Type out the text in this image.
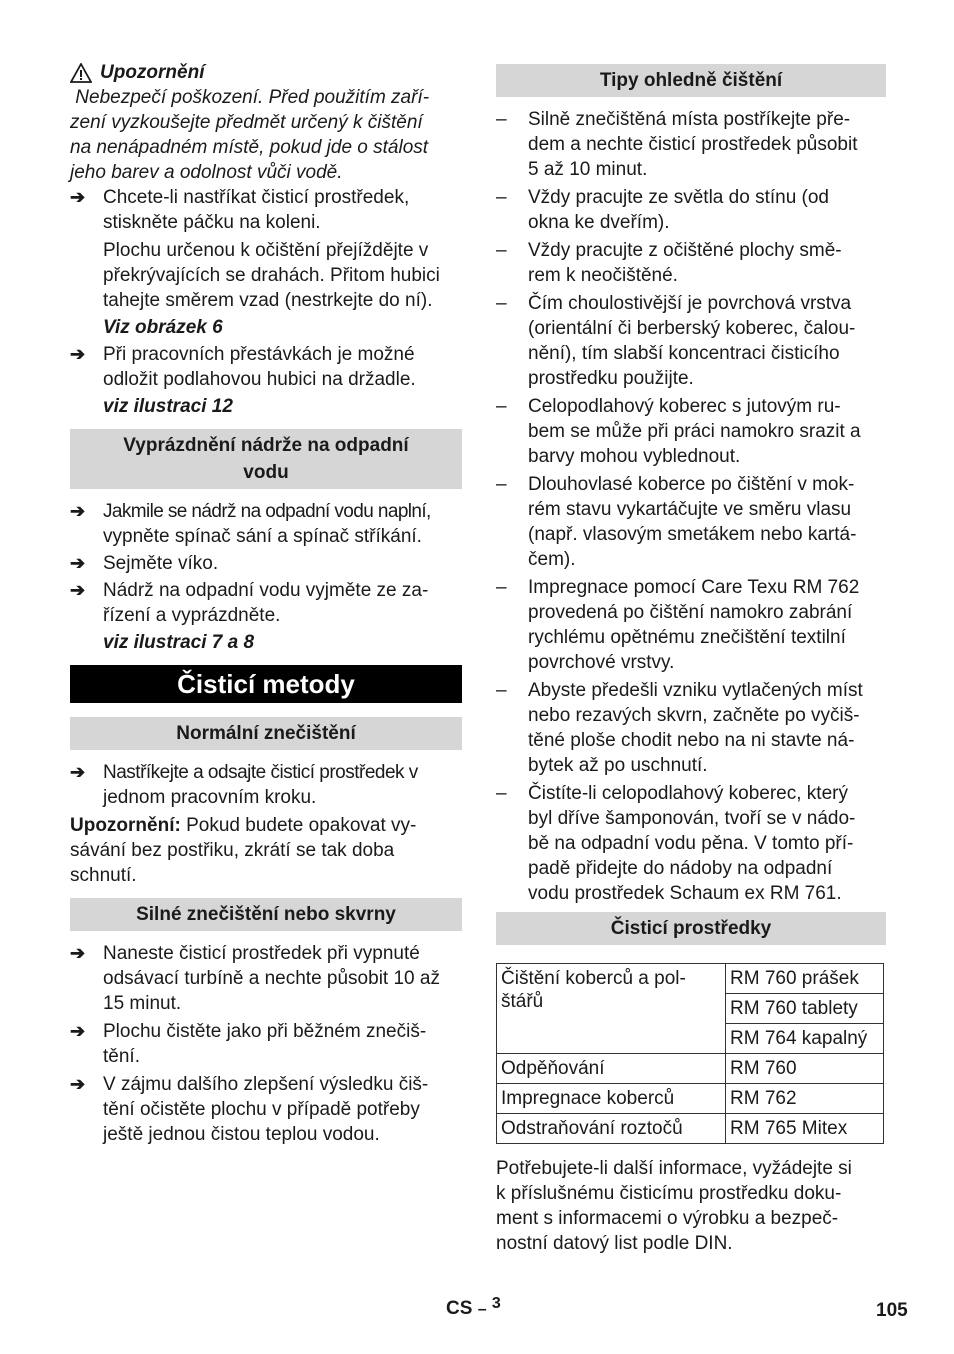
Upozornění

Nebezpečí poškození. Před použitím zaří-

zení vyzkoušejte předmět určený k čištění

na nenápadném místě, pokud jde o stálost

jeho barev a odolnost vůči vodě.

➔ Chcete-li nastříkat čisticí prostředek,

stiskněte páčku na koleni.

Plochu určenou k očištění přejíždějte v

překrývajících se drahách. Přitom hubici

tahejte směrem vzad (nestrkejte do ní).

Viz obrázek 6

➔ Při pracovních přestávkách je možné

odložit podlahovou hubici na držadle.

viz ilustraci 12

Vyprázdnění nádrže na odpadní
vodu
➔ Jakmile se nádrž na odpadní vodu naplní,

vypněte spínač sání a spínač stříkání.

➔ Sejměte víko.

➔ Nádrž na odpadní vodu vyjměte ze za-

řízení a vyprázdněte.

viz ilustraci 7 a 8

Čisticí metody
Normální znečištění
➔ Nastříkejte a odsajte čisticí prostředek v

jednom pracovním kroku.

Upozornění: Pokud budete opakovat vy-

sávání bez postřiku, zkrátí se tak doba

schnutí.

Silné znečištění nebo skvrny
➔ Naneste čisticí prostředek při vypnuté

odsávací turbíně a nechte působit 10 až

15 minut.

➔ Plochu čistěte jako při běžném znečiš-

tění.

➔ V zájmu dalšího zlepšení výsledku čiš-

tění očistěte plochu v případě potřeby

ještě jednou čistou teplou vodou.

Tipy ohledně čištění
–	Silně znečištěná místa postříkejte pře-

dem a nechte čisticí prostředek působit

5 až 10 minut.

–	Vždy pracujte ze světla do stínu (od

okna ke dveřím).

–	Vždy pracujte z očištěné plochy smě-

rem k neočištěné.

–	Čím choulostivější je povrchová vrstva

(orientální či berberský koberec, čalou-

nění), tím slabší koncentraci čisticího

prostředku použijte.

–	Celopodlahový koberec s jutovým ru-

bem se může při práci namokro srazit a

barvy mohou vyblednout.

–	Dlouhovlasé koberce po čištění v mok-

rém stavu vykartáčujte ve směru vlasu

(např. vlasovým smetákem nebo kartá-

čem).

–	Impregnace pomocí Care Texu RM 762

provedená po čištění namokro zabrání

rychlému opětnému znečištění textilní

povrchové vrstvy.

–	Abyste předešli vzniku vytlačených míst

nebo rezavých skvrn, začněte po vyčiš-

těné ploše chodit nebo na ni stavte ná-

bytek až po uschnutí.

–	Čistíte-li celopodlahový koberec, který

byl dříve šamponován, tvoří se v nádo-

bě na odpadní vodu pěna. V tomto pří-

padě přidejte do nádoby na odpadní

vodu prostředek Schaum ex RM 761.

Čisticí prostředky
Čištění koberců a pol-
štářů	RM 760 prášek
	RM 760 tablety
	RM 764 kapalný
Odpěňování	RM 760
Impregnace koberců	RM 762
Odstraňování roztočů	RM 765 Mitex

Potřebujete-li další informace, vyžádejte si

k příslušnému čisticímu prostředku doku-

ment s informacemi o výrobku a bezpeč-

nostní datový list podle DIN.

CS – $^3$	105
